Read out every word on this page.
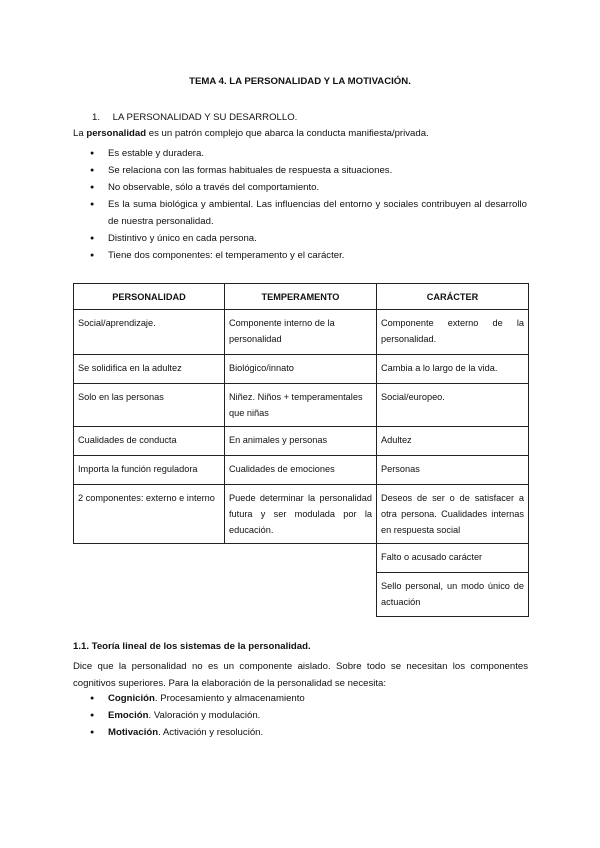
TEMA 4. LA PERSONALIDAD Y LA MOTIVACIÓN.
1. LA PERSONALIDAD Y SU DESARROLLO.
La personalidad es un patrón complejo que abarca la conducta manifiesta/privada.
● Es estable y duradera.
● Se relaciona con las formas habituales de respuesta a situaciones.
● No observable, sólo a través del comportamiento.
● Es la suma biológica y ambiental. Las influencias del entorno y sociales contribuyen al desarrollo de nuestra personalidad.
● Distintivo y único en cada persona.
● Tiene dos componentes: el temperamento y el carácter.
PERSONALIDAD	TEMPERAMENTO	CARÁCTER
Social/aprendizaje.	Componente interno de la personalidad	Componente externo de la personalidad.
Se solidifica en la adultez	Biológico/innato	Cambia a lo largo de la vida.
Solo en las personas	Niñez. Niños + temperamentales que niñas	Social/europeo.
Cualidades de conducta	En animales y personas	Adultez
Importa la función reguladora	Cualidades de emociones	Personas
2 componentes: externo e interno	Puede determinar la personalidad futura y ser modulada por la educación.	Deseos de ser o de satisfacer a otra persona. Cualidades internas en respuesta social
		Falto o acusado carácter
		Sello personal, un modo único de actuación
1.1. Teoría lineal de los sistemas de la personalidad.
Dice que la personalidad no es un componente aislado. Sobre todo se necesitan los componentes cognitivos superiores. Para la elaboración de la personalidad se necesita:
● Cognición. Procesamiento y almacenamiento
● Emoción. Valoración y modulación.
● Motivación. Activación y resolución.
